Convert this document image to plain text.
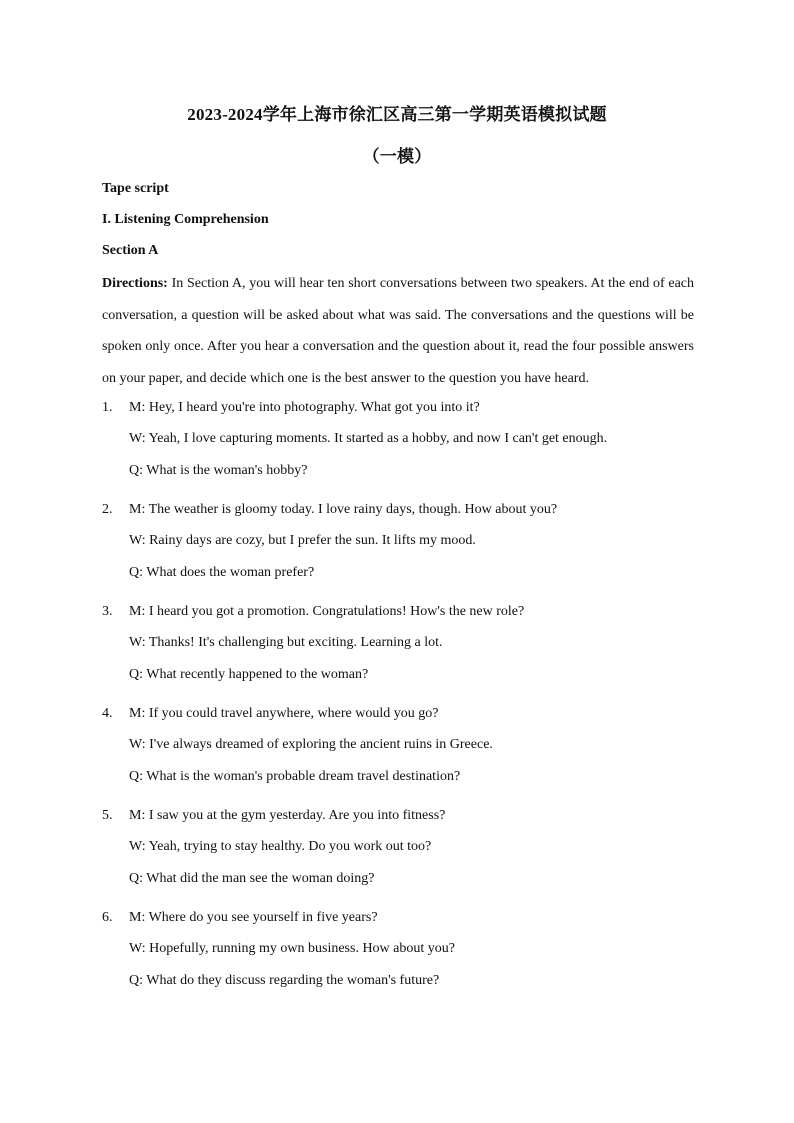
2023-2024学年上海市徐汇区高三第一学期英语模拟试题
（一模）
Tape script
I. Listening Comprehension
Section A
Directions: In Section A, you will hear ten short conversations between two speakers. At the end of each conversation, a question will be asked about what was said. The conversations and the questions will be spoken only once. After you hear a conversation and the question about it, read the four possible answers on your paper, and decide which one is the best answer to the question you have heard.
1. M: Hey, I heard you're into photography. What got you into it?
W: Yeah, I love capturing moments. It started as a hobby, and now I can't get enough.
Q: What is the woman's hobby?
2. M: The weather is gloomy today. I love rainy days, though. How about you?
W: Rainy days are cozy, but I prefer the sun. It lifts my mood.
Q: What does the woman prefer?
3. M: I heard you got a promotion. Congratulations! How's the new role?
W: Thanks! It's challenging but exciting. Learning a lot.
Q: What recently happened to the woman?
4. M: If you could travel anywhere, where would you go?
W: I've always dreamed of exploring the ancient ruins in Greece.
Q: What is the woman's probable dream travel destination?
5. M: I saw you at the gym yesterday. Are you into fitness?
W: Yeah, trying to stay healthy. Do you work out too?
Q: What did the man see the woman doing?
6. M: Where do you see yourself in five years?
W: Hopefully, running my own business. How about you?
Q: What do they discuss regarding the woman's future?
